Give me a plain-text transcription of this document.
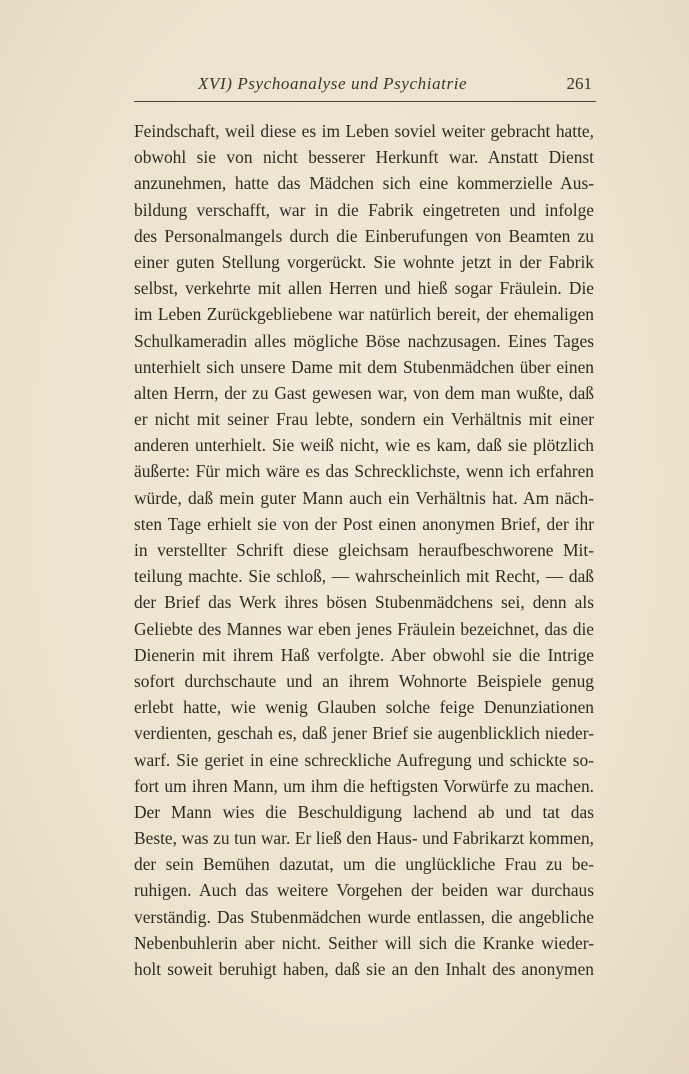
XVI) Psychoanalyse und Psychiatrie	261
Feindschaft, weil diese es im Leben soviel weiter gebracht hatte,
obwohl sie von nicht besserer Herkunft war. Anstatt Dienst
anzunehmen, hatte das Mädchen sich eine kommerzielle Aus-
bildung verschafft, war in die Fabrik eingetreten und infolge
des Personalmangels durch die Einberufungen von Beamten zu
einer guten Stellung vorgerückt. Sie wohnte jetzt in der Fabrik
selbst, verkehrte mit allen Herren und hieß sogar Fräulein. Die
im Leben Zurückgebliebene war natürlich bereit, der ehemaligen
Schulkameradin alles mögliche Böse nachzusagen. Eines Tages
unterhielt sich unsere Dame mit dem Stubenmädchen über einen
alten Herrn, der zu Gast gewesen war, von dem man wußte, daß
er nicht mit seiner Frau lebte, sondern ein Verhältnis mit einer
anderen unterhielt. Sie weiß nicht, wie es kam, daß sie plötzlich
äußerte: Für mich wäre es das Schrecklichste, wenn ich erfahren
würde, daß mein guter Mann auch ein Verhältnis hat. Am näch-
sten Tage erhielt sie von der Post einen anonymen Brief, der ihr
in verstellter Schrift diese gleichsam heraufbeschworene Mit-
teilung machte. Sie schloß, — wahrscheinlich mit Recht, — daß
der Brief das Werk ihres bösen Stubenmädchens sei, denn als
Geliebte des Mannes war eben jenes Fräulein bezeichnet, das die
Dienerin mit ihrem Haß verfolgte. Aber obwohl sie die Intrige
sofort durchschaute und an ihrem Wohnorte Beispiele genug
erlebt hatte, wie wenig Glauben solche feige Denunziationen
verdienten, geschah es, daß jener Brief sie augenblicklich nieder-
warf. Sie geriet in eine schreckliche Aufregung und schickte so-
fort um ihren Mann, um ihm die heftigsten Vorwürfe zu machen.
Der Mann wies die Beschuldigung lachend ab und tat das
Beste, was zu tun war. Er ließ den Haus- und Fabrikarzt kommen,
der sein Bemühen dazutat, um die unglückliche Frau zu be-
ruhigen. Auch das weitere Vorgehen der beiden war durchaus
verständig. Das Stubenmädchen wurde entlassen, die angebliche
Nebenbuhlerin aber nicht. Seither will sich die Kranke wieder-
holt soweit beruhigt haben, daß sie an den Inhalt des anonymen
